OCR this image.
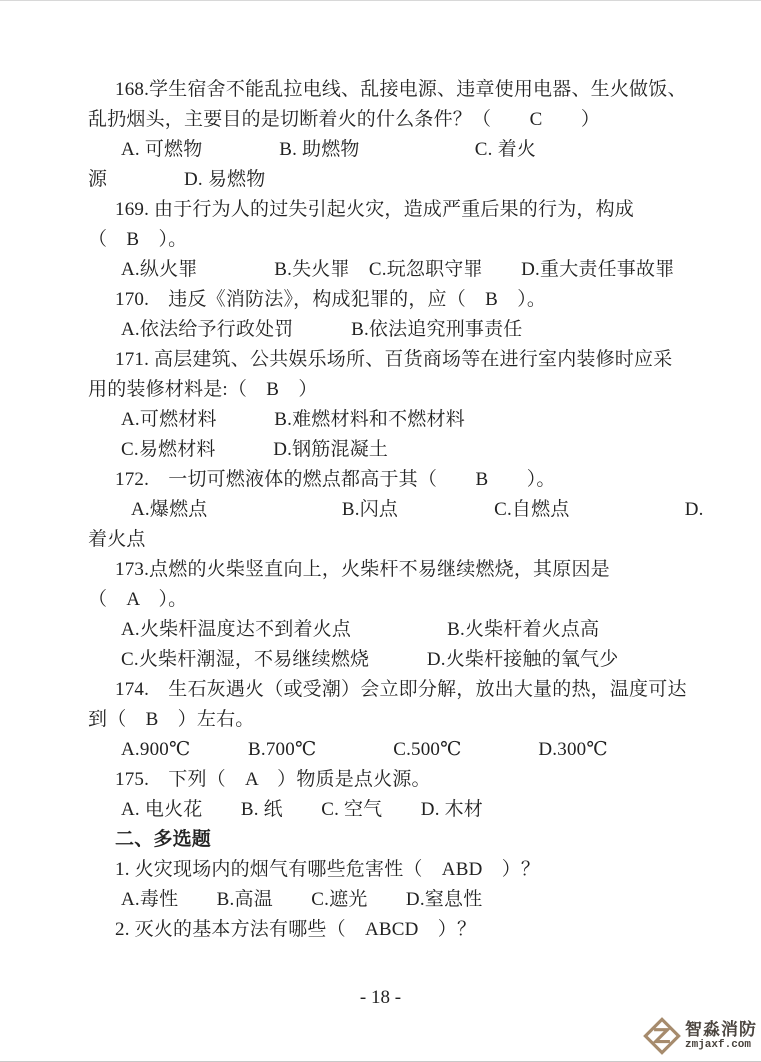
168.学生宿舍不能乱拉电线、乱接电源、违章使用电器、生火做饭、
乱扔烟头，主要目的是切断着火的什么条件？（　　C　　）
A. 可燃物　　　　B. 助燃物　　　　　　C. 着火
源　　　　D. 易燃物
169. 由于行为人的过失引起火灾，造成严重后果的行为，构成
（　B　）。
A.纵火罪　　　　B.失火罪　C.玩忽职守罪　　D.重大责任事故罪
170.　违反《消防法》，构成犯罪的，应（　B　）。
A.依法给予行政处罚　　　B.依法追究刑事责任
171. 高层建筑、公共娱乐场所、百货商场等在进行室内装修时应采
用的装修材料是:（　B　）
A.可燃材料　　　B.难燃材料和不燃材料
C.易燃材料　　　D.钢筋混凝土
172.　一切可燃液体的燃点都高于其（　　B　　）。
A.爆燃点　　　　　　　B.闪点　　　　　C.自燃点　　　　　　D.
着火点
173.点燃的火柴竖直向上，火柴杆不易继续燃烧，其原因是
（　A　）。
A.火柴杆温度达不到着火点　　　　　B.火柴杆着火点高
C.火柴杆潮湿，不易继续燃烧　　　D.火柴杆接触的氧气少
174.　生石灰遇火（或受潮）会立即分解，放出大量的热，温度可达
到（　B　）左右。
A.900℃　　　B.700℃　　　　C.500℃　　　　D.300℃
175.　下列（　A　）物质是点火源。
A. 电火花　　B. 纸　　C. 空气　　D. 木材
二、多选题
1. 火灾现场内的烟气有哪些危害性（　ABD　）？
A.毒性　　B.高温　　C.遮光　　D.窒息性
2. 灭火的基本方法有哪些（　ABCD　）？
- 18 -
智淼消防
zmjaxf.com
